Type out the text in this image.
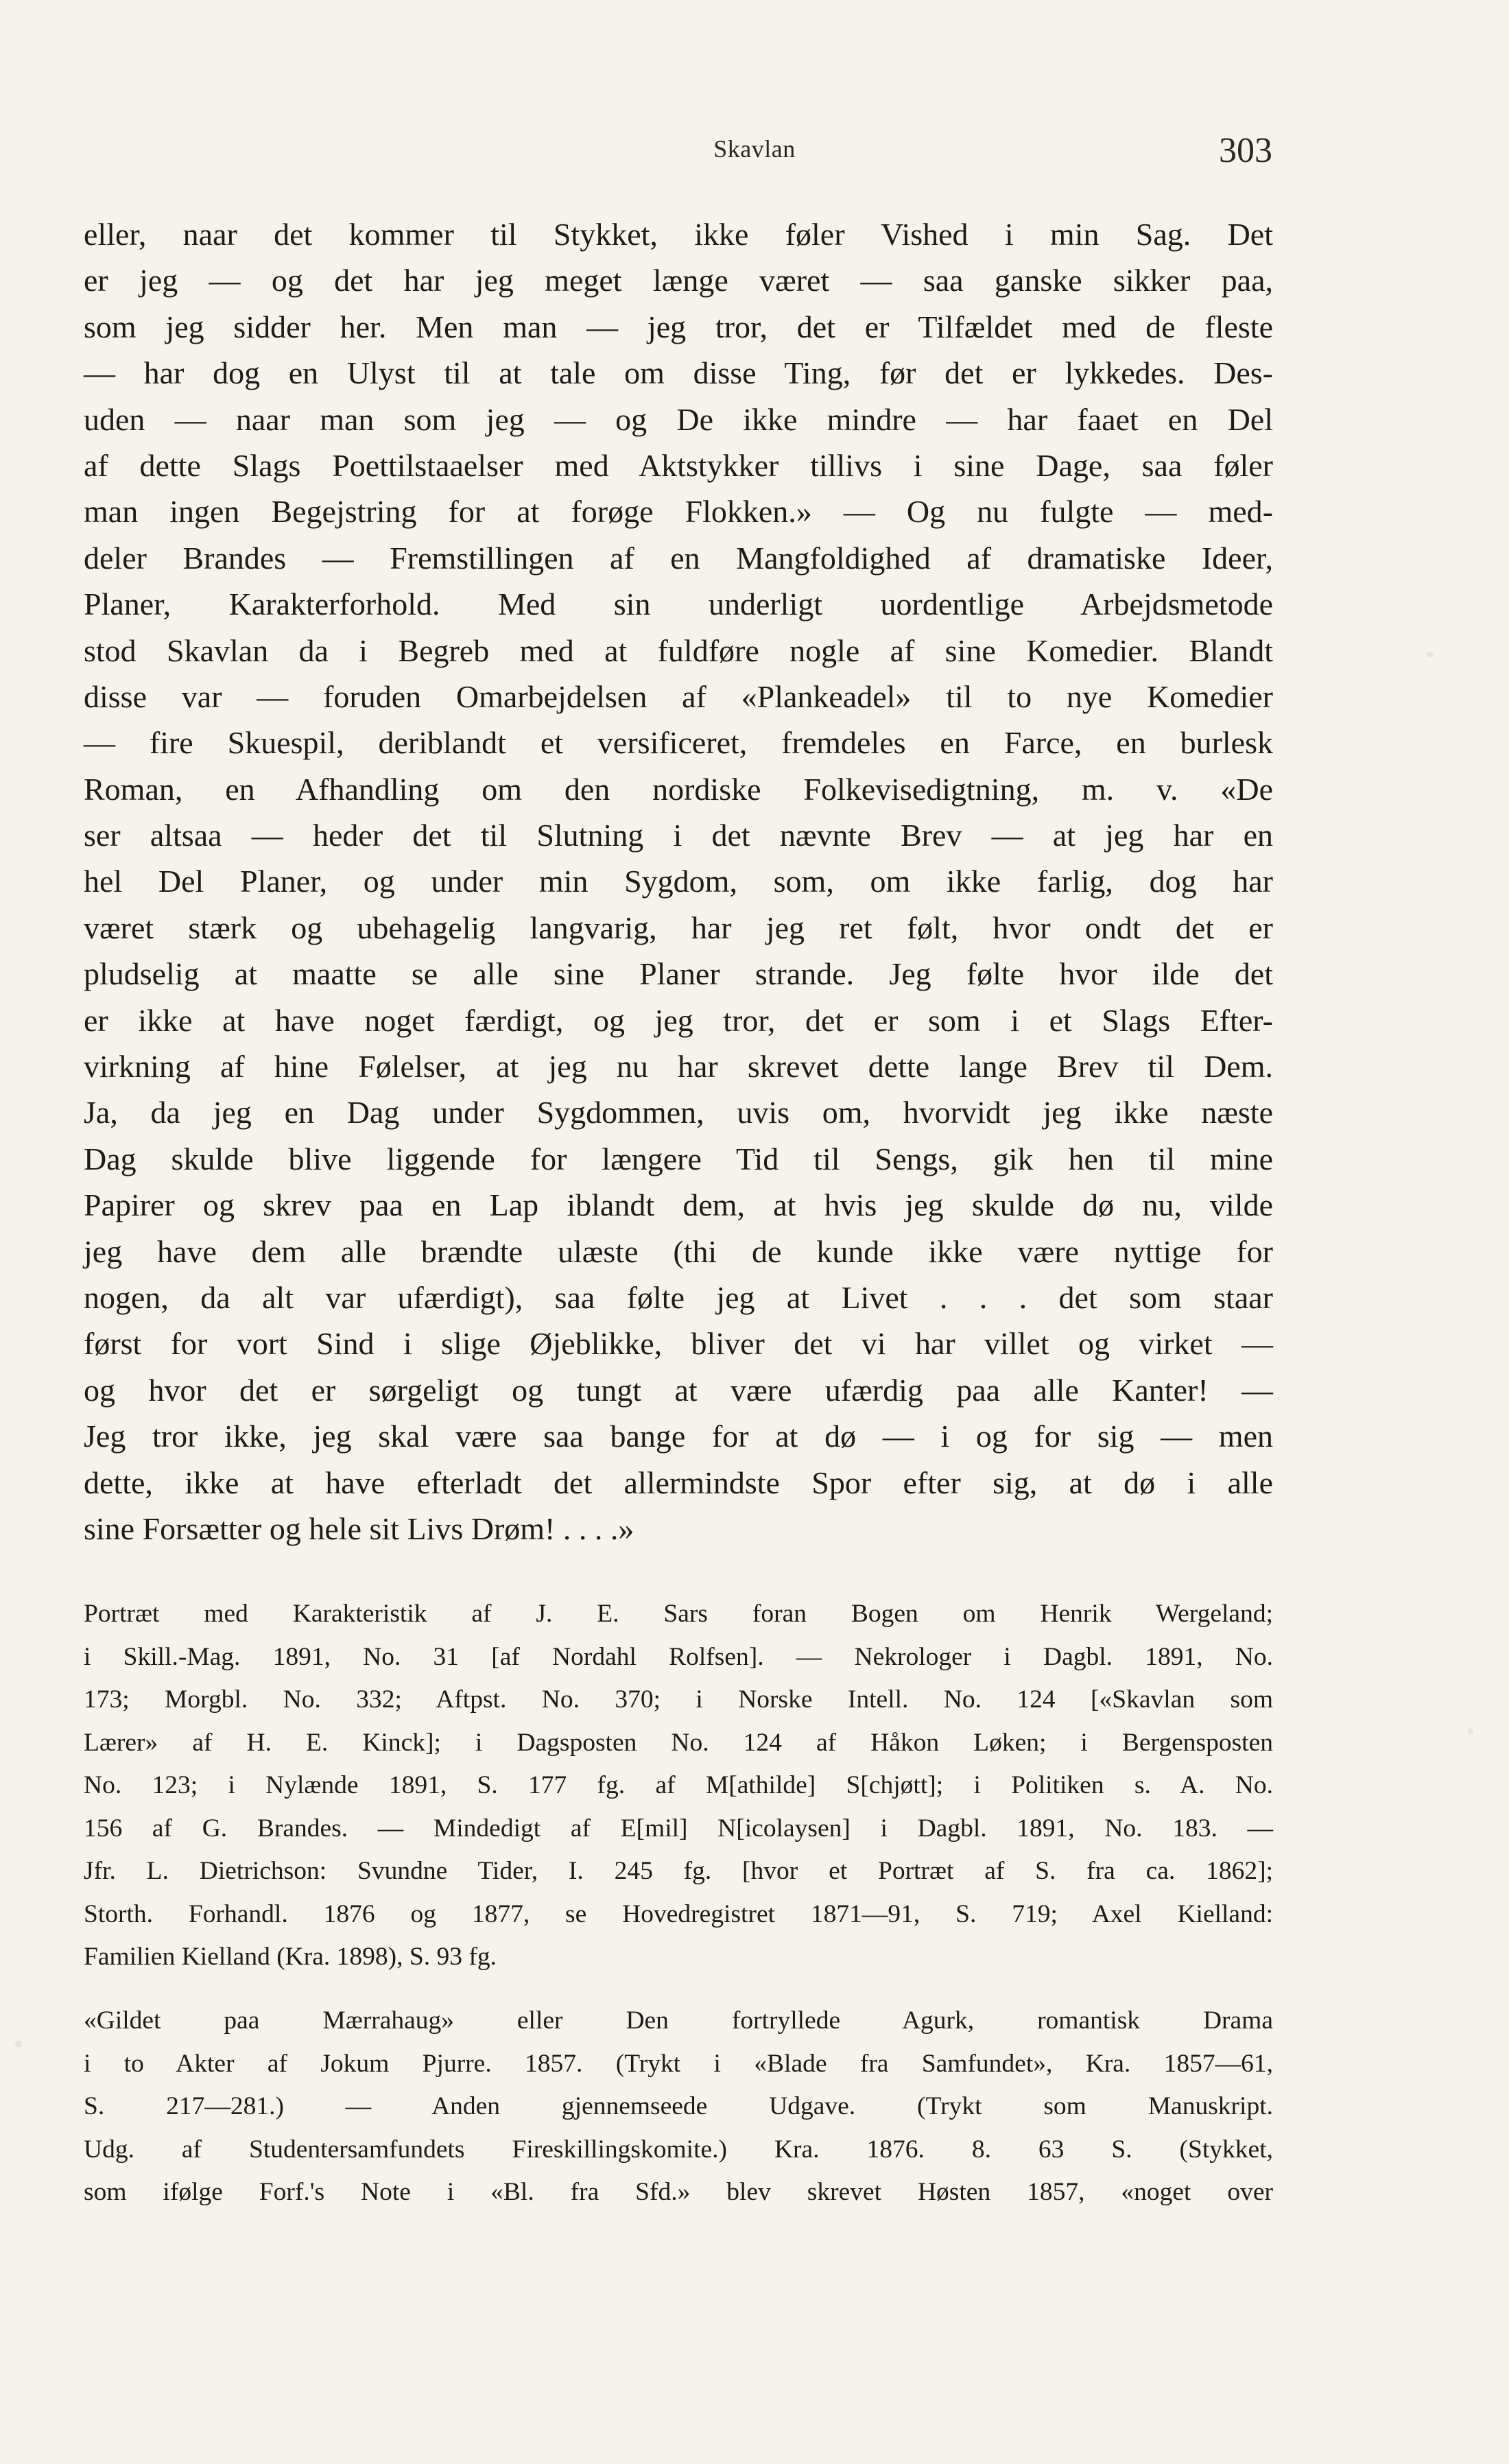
Skavlan	303
eller, naar det kommer til Stykket, ikke føler Vished i min Sag. Det
er jeg — og det har jeg meget længe været — saa ganske sikker paa,
som jeg sidder her. Men man — jeg tror, det er Tilfældet med de fleste
— har dog en Ulyst til at tale om disse Ting, før det er lykkedes. Des-
uden — naar man som jeg — og De ikke mindre — har faaet en Del
af dette Slags Poettilstaaelser med Aktstykker tillivs i sine Dage, saa føler
man ingen Begejstring for at forøge Flokken.» — Og nu fulgte — med-
deler Brandes — Fremstillingen af en Mangfoldighed af dramatiske Ideer,
Planer, Karakterforhold. Med sin underligt uordentlige Arbejdsmetode
stod Skavlan da i Begreb med at fuldføre nogle af sine Komedier. Blandt
disse var — foruden Omarbejdelsen af «Plankeadel» til to nye Komedier
— fire Skuespil, deriblandt et versificeret, fremdeles en Farce, en burlesk
Roman, en Afhandling om den nordiske Folkevisedigtning, m. v. «De
ser altsaa — heder det til Slutning i det nævnte Brev — at jeg har en
hel Del Planer, og under min Sygdom, som, om ikke farlig, dog har
været stærk og ubehagelig langvarig, har jeg ret følt, hvor ondt det er
pludselig at maatte se alle sine Planer strande. Jeg følte hvor ilde det
er ikke at have noget færdigt, og jeg tror, det er som i et Slags Efter-
virkning af hine Følelser, at jeg nu har skrevet dette lange Brev til Dem.
Ja, da jeg en Dag under Sygdommen, uvis om, hvorvidt jeg ikke næste
Dag skulde blive liggende for længere Tid til Sengs, gik hen til mine
Papirer og skrev paa en Lap iblandt dem, at hvis jeg skulde dø nu, vilde
jeg have dem alle brændte ulæste (thi de kunde ikke være nyttige for
nogen, da alt var ufærdigt), saa følte jeg at Livet . . . det som staar
først for vort Sind i slige Øjeblikke, bliver det vi har villet og virket —
og hvor det er sørgeligt og tungt at være ufærdig paa alle Kanter! —
Jeg tror ikke, jeg skal være saa bange for at dø — i og for sig — men
dette, ikke at have efterladt det allermindste Spor efter sig, at dø i alle
sine Forsætter og hele sit Livs Drøm! . . . .»
Portræt med Karakteristik af J. E. Sars foran Bogen om Henrik Wergeland;
i Skill.-Mag. 1891, No. 31 [af Nordahl Rolfsen]. — Nekrologer i Dagbl. 1891, No.
173; Morgbl. No. 332; Aftpst. No. 370; i Norske Intell. No. 124 [«Skavlan som
Lærer» af H. E. Kinck]; i Dagsposten No. 124 af Håkon Løken; i Bergensposten
No. 123; i Nylænde 1891, S. 177 fg. af M[athilde] S[chjøtt]; i Politiken s. A. No.
156 af G. Brandes. — Mindedigt af E[mil] N[icolaysen] i Dagbl. 1891, No. 183. —
Jfr. L. Dietrichson: Svundne Tider, I. 245 fg. [hvor et Portræt af S. fra ca. 1862];
Storth. Forhandl. 1876 og 1877, se Hovedregistret 1871—91, S. 719; Axel Kielland:
Familien Kielland (Kra. 1898), S. 93 fg.
«Gildet paa Mærrahaug» eller Den fortryllede Agurk, romantisk Drama
i to Akter af Jokum Pjurre. 1857. (Trykt i «Blade fra Samfundet», Kra. 1857—61,
S. 217—281.) — Anden gjennemseede Udgave. (Trykt som Manuskript.
Udg. af Studentersamfundets Fireskillingskomite.) Kra. 1876. 8. 63 S. (Stykket,
som ifølge Forf.'s Note i «Bl. fra Sfd.» blev skrevet Høsten 1857, «noget over
